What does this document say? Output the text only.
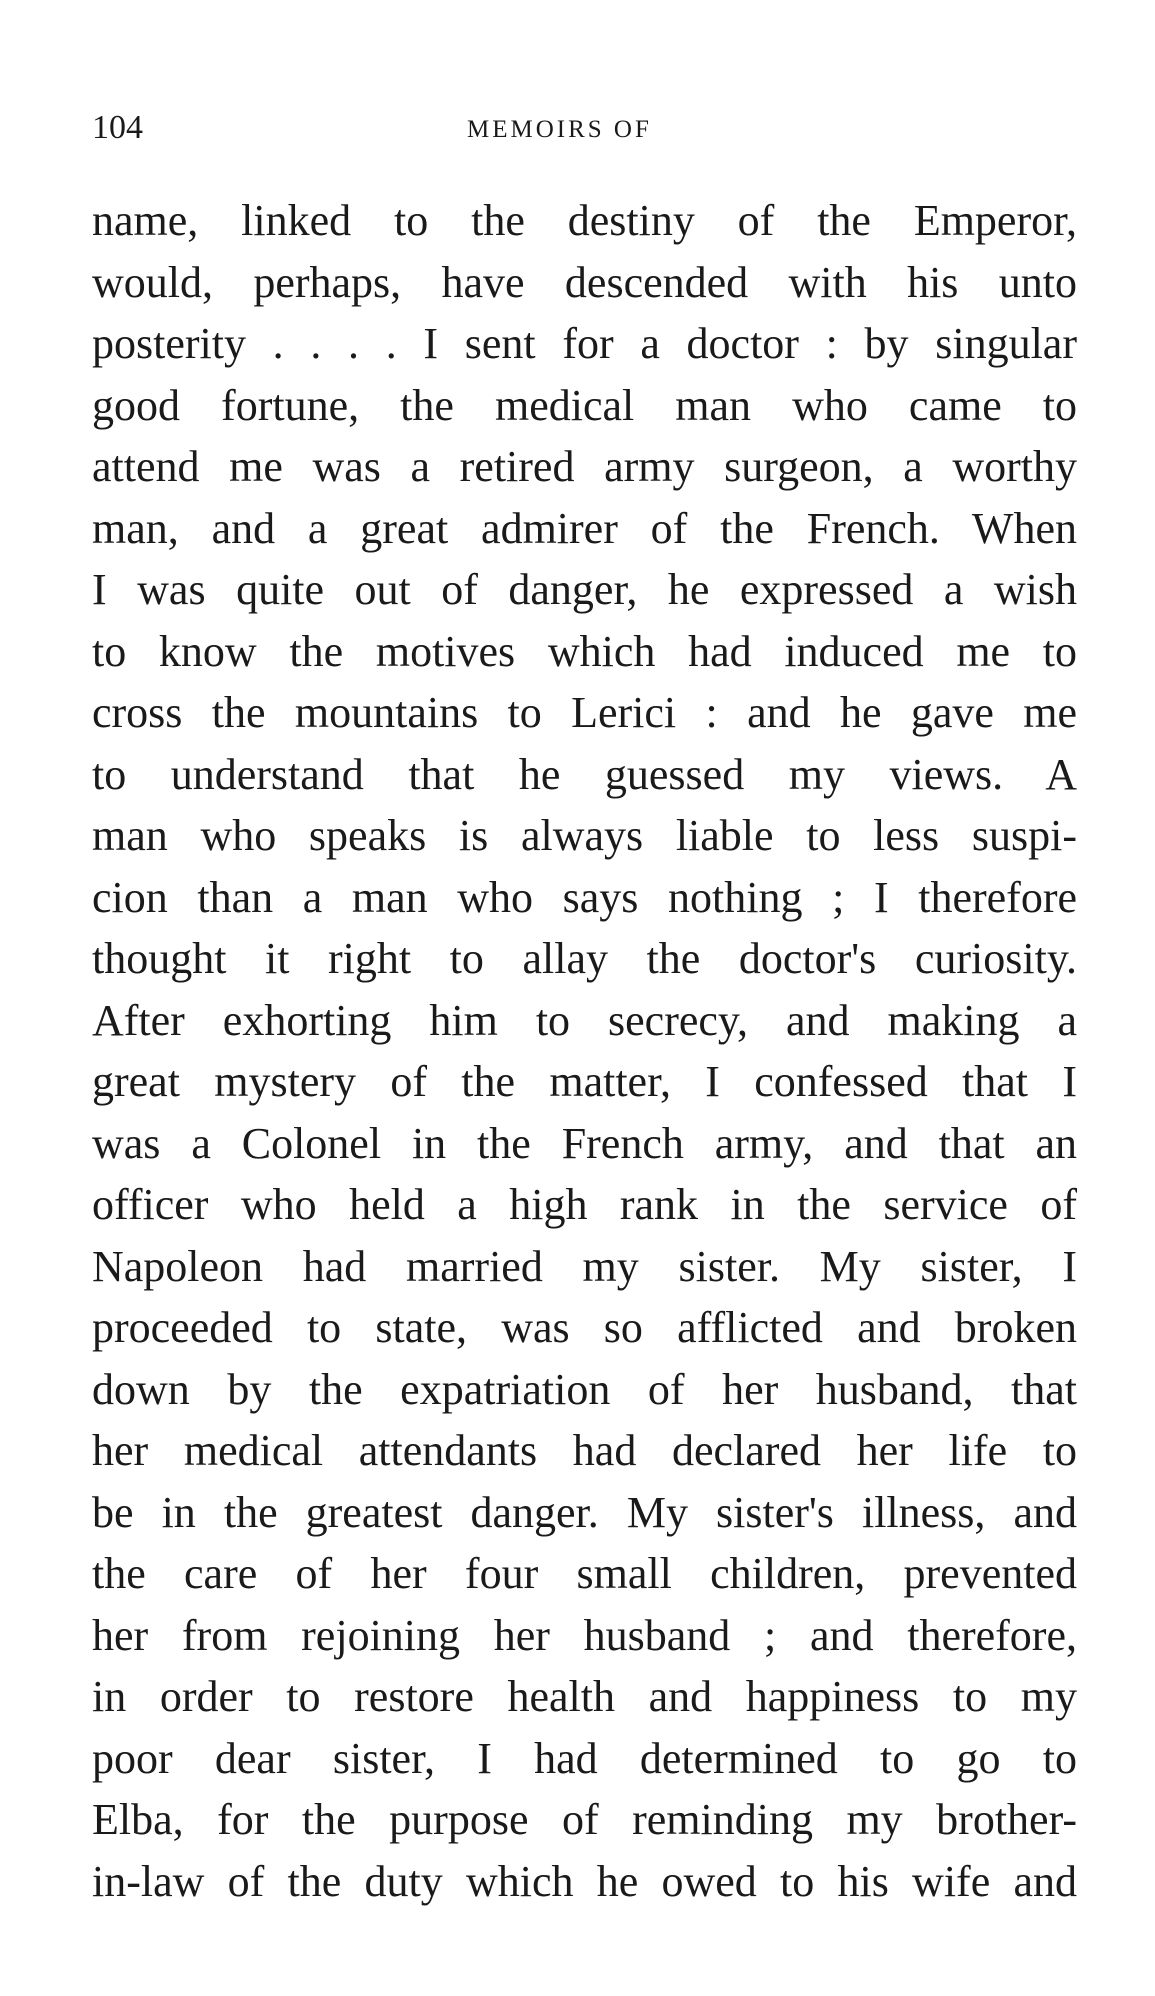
104	MEMOIRS OF
name, linked to the destiny of the Emperor,
would, perhaps, have descended with his unto
posterity . . . . I sent for a doctor : by singular
good fortune, the medical man who came to
attend me was a retired army surgeon, a worthy
man, and a great admirer of the French. When
I was quite out of danger, he expressed a wish
to know the motives which had induced me to
cross the mountains to Lerici : and he gave me
to understand that he guessed my views. A
man who speaks is always liable to less suspi-
cion than a man who says nothing ; I therefore
thought it right to allay the doctor's curiosity.
After exhorting him to secrecy, and making a
great mystery of the matter, I confessed that I
was a Colonel in the French army, and that an
officer who held a high rank in the service of
Napoleon had married my sister. My sister, I
proceeded to state, was so afflicted and broken
down by the expatriation of her husband, that
her medical attendants had declared her life to
be in the greatest danger. My sister's illness, and
the care of her four small children, prevented
her from rejoining her husband ; and therefore,
in order to restore health and happiness to my
poor dear sister, I had determined to go to
Elba, for the purpose of reminding my brother-
in-law of the duty which he owed to his wife and
